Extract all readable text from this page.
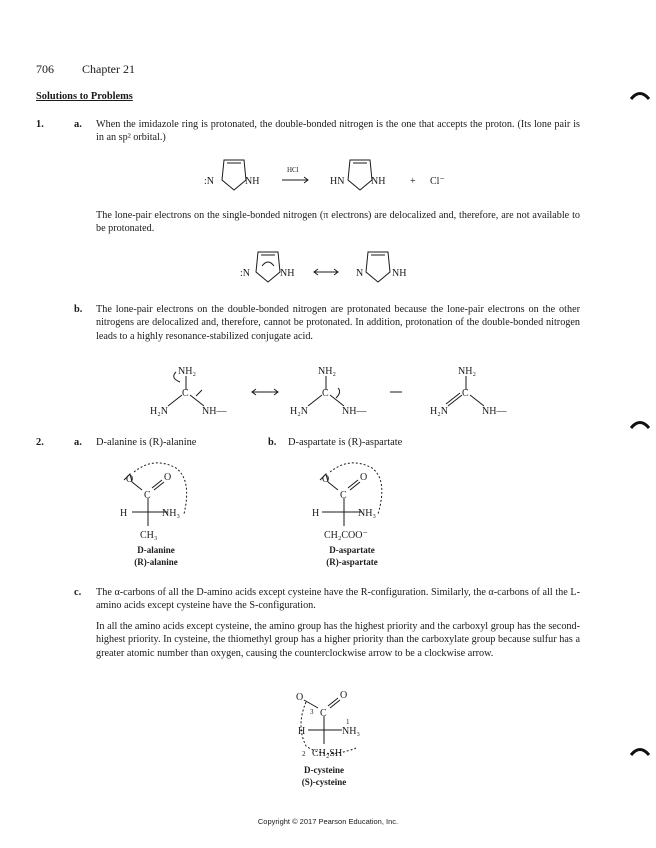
706 Chapter 21
Solutions to Problems
1.	a. When the imidazole ring is protonated, the double-bonded nitrogen is the one that accepts the proton. (Its lone pair is in an sp² orbital.)
:N	NH
HCl
HN	NH + Cl⁻
The lone-pair electrons on the single-bonded nitrogen (π electrons) are delocalized and, therefore, are not available to be protonated.
:N	NH	N	NH
b. The lone-pair electrons on the double-bonded nitrogen are protonated because the lone-pair electrons on the other nitrogens are delocalized and, therefore, cannot be protonated. In addition, protonation of the double-bonded nitrogen leads to a highly resonance-stabilized conjugate acid.
NH₂
C
H₂N	NH—
NH₂
C
H₂N	NH—
NH₂
C
H₂N	NH—
2.	a. D-alanine is (R)-alanine	b. D-aspartate is (R)-aspartate
O
C
O
H	NH₃
CH₃
D-alanine
(R)-alanine
O
C
O
H	NH₃
CH₂COO⁻
D-aspartate
(R)-aspartate
c. The α-carbons of all the D-amino acids except cysteine have the R-configuration. Similarly, the α-carbons of all the L-amino acids except cysteine have the S-configuration.
In all the amino acids except cysteine, the amino group has the highest priority and the carboxyl group has the second-highest priority. In cysteine, the thiomethyl group has a higher priority than the carboxylate group because sulfur has a greater atomic number than oxygen, causing the counterclockwise arrow to be a clockwise arrow.
O
C
O
H	NH₃
CH₂SH
1
2
3
D-cysteine
(S)-cysteine
Copyright © 2017 Pearson Education, Inc.
